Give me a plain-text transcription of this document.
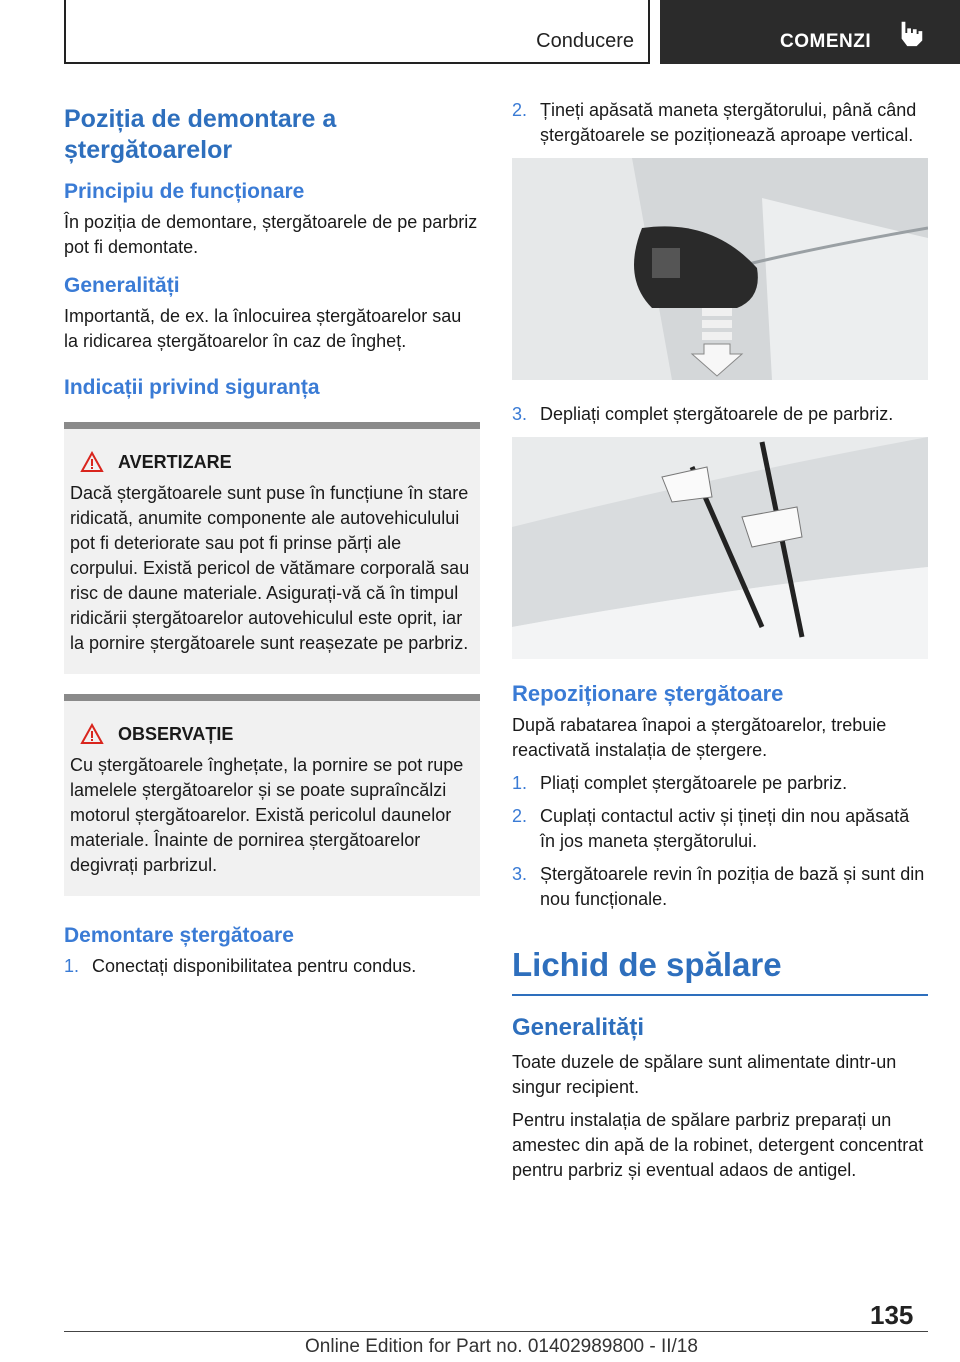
Conducere	COMENZI
Poziția de demontare a ștergătoarelor
Principiu de funcționare

În poziția de demontare, ștergătoarele de pe parbriz pot fi demontate.

Generalități

Importantă, de ex. la înlocuirea ștergătoarelor sau la ridicarea ștergătoarelor în caz de îngheț.

Indicații privind siguranța
AVERTIZARE

Dacă ștergătoarele sunt puse în funcțiune în stare ridicată, anumite componente ale autovehiculului pot fi deteriorate sau pot fi prinse părți ale corpului. Există pericol de vătămare corporală sau risc de daune materiale. Asigurați-vă că în timpul ridicării ștergătoarelor autovehiculul este oprit, iar la pornire ștergătoarele sunt reașezate pe parbriz.

OBSERVAȚIE

Cu ștergătoarele înghețate, la pornire se pot rupe lamelele ștergătoarelor și se poate supraîncălzi motorul ștergătoarelor. Există pericolul daunelor materiale. Înainte de pornirea ștergătoarelor degivrați parbrizul.

Demontare ștergătoare
1. Conectați disponibilitatea pentru condus.
2. Țineți apăsată maneta ștergătorului, până când ștergătoarele se poziționează aproape vertical.
3. Depliați complet ștergătoarele de pe parbriz.
Repoziționare ștergătoare

După rabatarea înapoi a ștergătoarelor, trebuie reactivată instalația de ștergere.

1. Pliați complet ștergătoarele pe parbriz.
2. Cuplați contactul activ și țineți din nou apăsată în jos maneta ștergătorului.
3. Ștergătoarele revin în poziția de bază și sunt din nou funcționale.
Lichid de spălare
Generalități

Toate duzele de spălare sunt alimentate dintr-un singur recipient.

Pentru instalația de spălare parbriz preparați un amestec din apă de la robinet, detergent concentrat pentru parbriz și eventual adaos de antigel.

135
Online Edition for Part no. 01402989800 - II/18
